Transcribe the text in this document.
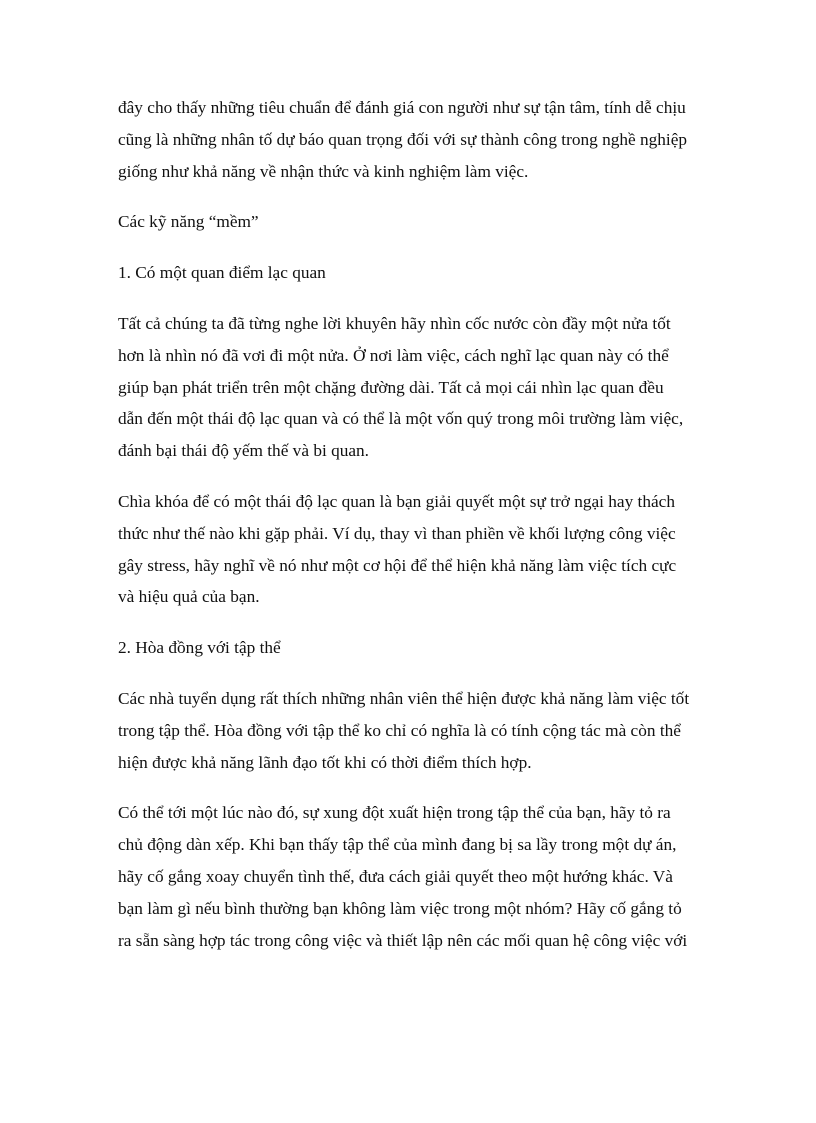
đây cho thấy những tiêu chuẩn để đánh giá con người như sự tận tâm, tính dễ chịu
cũng là những nhân tố dự báo quan trọng đối với sự thành công trong nghề nghiệp
giống như khả năng về nhận thức và kinh nghiệm làm việc.

Các kỹ năng “mềm”

1. Có một quan điểm lạc quan

Tất cả chúng ta đã từng nghe lời khuyên hãy nhìn cốc nước còn đầy một nửa tốt
hơn là nhìn nó đã vơi đi một nửa. Ở nơi làm việc, cách nghĩ lạc quan này có thể
giúp bạn phát triển trên một chặng đường dài. Tất cả mọi cái nhìn lạc quan đều
dẫn đến một thái độ lạc quan và có thể là một vốn quý trong môi trường làm việc,
đánh bại thái độ yếm thế và bi quan.

Chìa khóa để có một thái độ lạc quan là bạn giải quyết một sự trở ngại hay thách
thức như thế nào khi gặp phải. Ví dụ, thay vì than phiền về khối lượng công việc
gây stress, hãy nghĩ về nó như một cơ hội để thể hiện khả năng làm việc tích cực
và hiệu quả của bạn.

2. Hòa đồng với tập thể

Các nhà tuyển dụng rất thích những nhân viên thể hiện được khả năng làm việc tốt
trong tập thể. Hòa đồng với tập thể ko chỉ có nghĩa là có tính cộng tác mà còn thể
hiện được khả năng lãnh đạo tốt khi có thời điểm thích hợp.

Có thể tới một lúc nào đó, sự xung đột xuất hiện trong tập thể của bạn, hãy tỏ ra
chủ động dàn xếp. Khi bạn thấy tập thể của mình đang bị sa lầy trong một dự án,
hãy cố gắng xoay chuyển tình thế, đưa cách giải quyết theo một hướng khác. Và
bạn làm gì nếu bình thường bạn không làm việc trong một nhóm? Hãy cố gắng tỏ
ra sẵn sàng hợp tác trong công việc và thiết lập nên các mối quan hệ công việc với
